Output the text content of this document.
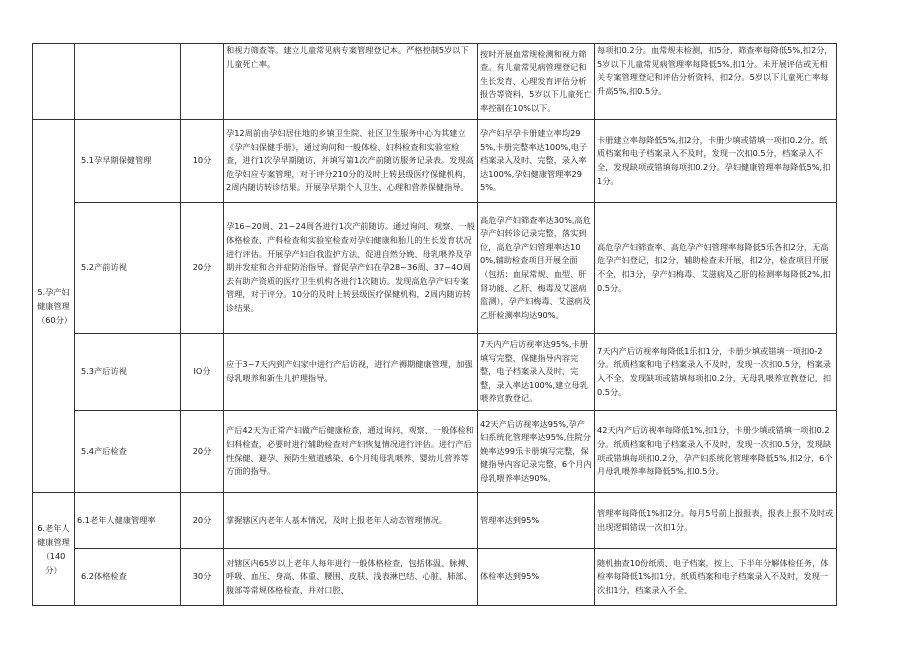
			和视力筛查等。建立儿童常见病专案管理登记本。严格控制5岁以下儿童死亡率。	按时开展血常规检测和视力筛查。有儿童常见病管理登记和生长发育、心理发育评估分析报告等资料，5岁以下儿童死亡率控制在10%以下。	每项扣0.2分。血常规未检测，扣5分，筛查率每降低5%,扣2分，5岁以下儿童常见病管理率每降低5%,扣1分。未开展评估或无相关专案管理登记和评估分析资料，扣2分。5岁以下儿童死亡率每升高5%,扣0.5分。
5.孕产妇健康管理（60分）	5.1孕早期保健管理	10分	孕12周前由孕妇居住地的乡镇卫生院、社区卫生服务中心为其建立《孕产妇保健手册》，通过询问和一般体检、妇科检查和实验室检查，进行1次孕早期随访，并填写第1次产前随访服务记录表。发现高危孕妇应专案管理，对于评分210分的及时上转县级医疗保健机构，2周内随访转诊结果。开展孕早期个人卫生、心理和营养保健指导。	孕产妇早孕卡册建立率均295%,卡册完整率达100%,电子档案录入及时、完整，录入率达100%,孕妇健康管理率295%。	卡册建立率每降低5%,扣2分，卡册少填或错填一项扣0.2分。纸质档案和电子档案录入不及时，发现一次扣0.5分，档案录入不全，发现缺项或错填每项扣0.2分。孕妇健康管理率每降低5%,扣1分。
	5.2产前访视	20分	孕16~20周、21~24周各进行1次产前随访。通过询问、观察、一般体格检查、产科检查和实验室检查对孕妇健康和胎儿的生长发育状况进行评估。开展孕产妇自我监护方法、促进自然分娩、母乳喂养及孕期并发症和合并症防治指导。督促孕产妇在孕28~36周、37~4O周去有助产资质的医疗卫生机构各进行1次随访。发现高危孕产妇专案管理，对于评分。10分的及时上转县级医疗保健机构，2周内随访转诊结果。	高危孕产妇筛查率达30%,高危孕产妇转诊记录完整，落实到位，高危孕产妇管理率达100%,辅助检查项目开展全面（包括：血尿常规、血型、肝肾功能、乙肝、梅毒及艾滋病监测），孕产妇梅毒、艾滋病及乙肝检测率均达90%。	高危孕产妇筛查率、高危孕产妇管理率每降低5乐各扣2分，无高危孕产妇登记，扣2分，辅助检查未开展，扣2分，检查项目开展不全，扣3分，孕产妇梅毒、艾滋病及乙肝的检测率每降低2%,扣0.5分。
	5.3产后访视	IO分	应于3~7天内到产妇家中进行产后访视，进行产褥期健康管理，加强母乳喂养和新生儿护理指导。	7天内产后访视率达95%,卡册填写完整，保健指导内容完整，电子档案录入及时、完整，录入率达100%,建立母乳喂养宣教登记。	7天内产后访视率每降低1乐扣1分，卡册少填或错填一项扣0-2分。纸质档案和电子档案录入不及时，发现一次扣0.5分，档案录入不全，发现缺项或错填每项扣0.2分，无母乳喂养宣教登记，扣0.5分。
	5.4产后检查	20分	产后42天为正常产妇做产后健康检查，通过询问、观察、一般体检和妇科检查，必要时进行辅助检查对产妇恢复情况进行评估。进行产后性保健、避孕、预防生殖道感染、6个月纯母乳喂养、婴幼儿营养等方面的指导。	42天产后访视率达95%,孕产妇系统化管理率达95%,住院分娩率达99乐卡册填写完整，保健指导内容记录完整，6个月内母乳喂养率达90%。	42天内产后访视率每降低1%,扣1分，卡册少填或错填一项扣0.2分。纸质档案和电子档案录入不及时，发现一次扣0.5分，发现缺项或错填每项扣0.2分，孕产妇系统化管理率降低5%,扣2分，6个月母乳喂养率每降低5%,扣0.5分。
6.老年人健康管理（140分）	6.1老年人健康管理率	20分	掌握辖区内老年人基本情况，及时上报老年人动态管理情况。	管理率达到95%	管理率每降低1%扣2分。每月5号前上报报表，报表上报不及时或出现逻辑错误一次扣1分。
	6.2体格检查	30分	对辖区内65岁以上老年人每年进行一般体格检查，包括体温、脉搏、呼吸、血压、身高、体重、腰围、皮肤、浅表淋巴结、心脏、肺部、腹部等常规体格检查，并对口腔、	体检率达到95%	随机抽查10份纸质、电子档案，按上、下半年分解体检任务，体检率每降低1%扣1分。纸质档案和电子档案录入不及时，发现一次扣1分，档案录入不全、
